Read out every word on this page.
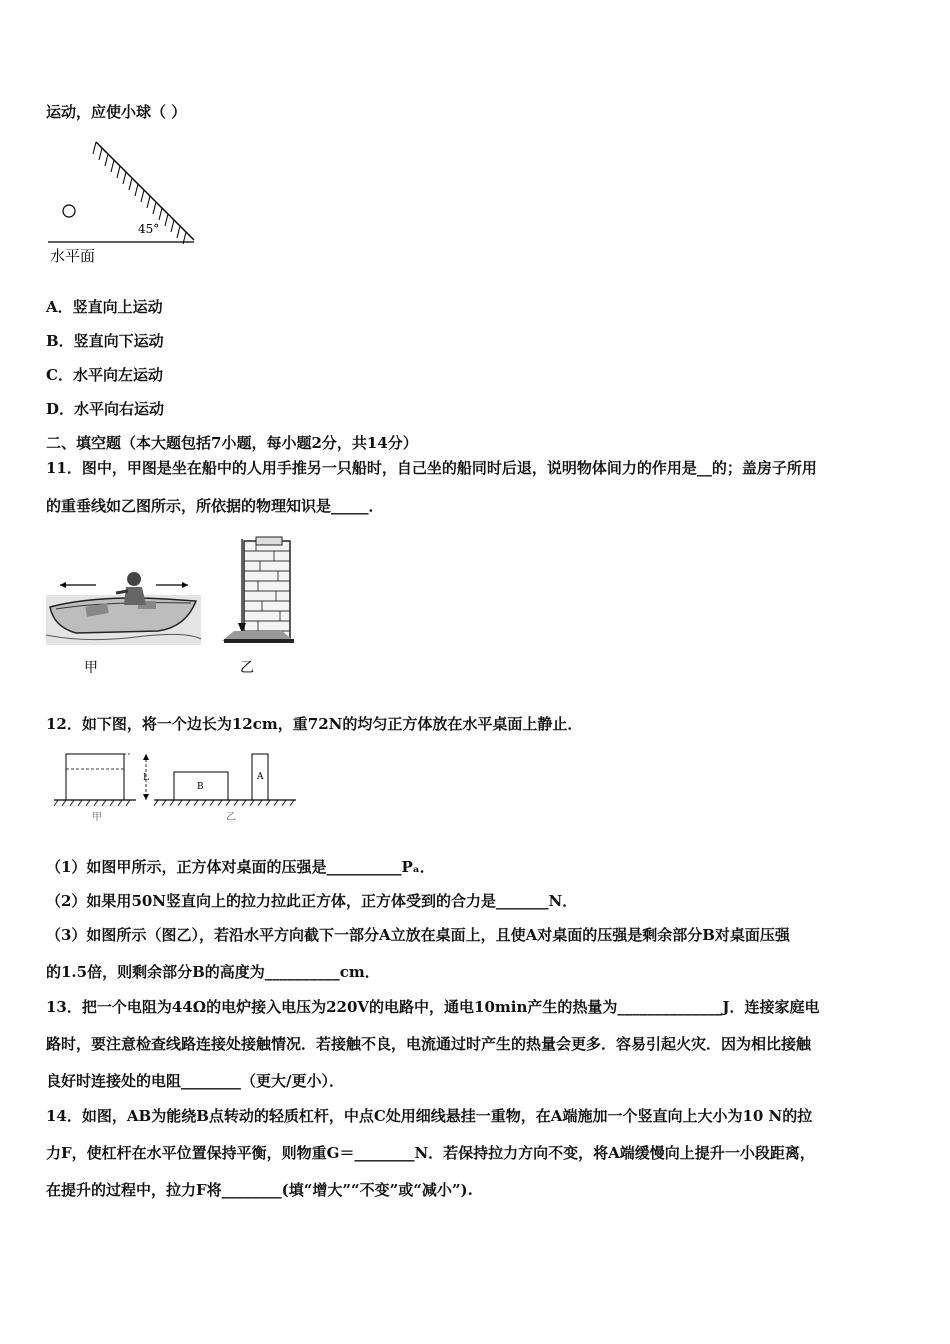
运动，应使小球（ ）
45°
水平面
A．竖直向上运动
B．竖直向下运动
C．水平向左运动
D．水平向右运动
二、填空题（本大题包括7小题，每小题2分，共14分）
11．图中，甲图是坐在船中的人用手推另一只船时，自己坐的船同时后退，说明物体间力的作用是__的；盖房子所用
的重垂线如乙图所示，所依据的物理知识是_____．
甲	乙
12．如下图，将一个边长为12cm，重72N的均匀正方体放在水平桌面上静止．
L
B
A
甲	乙
（1）如图甲所示，正方体对桌面的压强是__________Pₐ．
（2）如果用50N竖直向上的拉力拉此正方体，正方体受到的合力是_______N．
（3）如图所示（图乙），若沿水平方向截下一部分A立放在桌面上，且使A对桌面的压强是剩余部分B对桌面压强
的1.5倍，则剩余部分B的高度为__________cm．
13．把一个电阻为44Ω的电炉接入电压为220V的电路中，通电10min产生的热量为______________J．连接家庭电
路时，要注意检查线路连接处接触情况．若接触不良，电流通过时产生的热量会更多．容易引起火灾．因为相比接触
良好时连接处的电阻________（更大/更小）．
14．如图，AB为能绕B点转动的轻质杠杆，中点C处用细线悬挂一重物，在A端施加一个竖直向上大小为10 N的拉
力F，使杠杆在水平位置保持平衡，则物重G＝________N．若保持拉力方向不变，将A端缓慢向上提升一小段距离，
在提升的过程中，拉力F将________(填“增大”“不变”或“减小”).
